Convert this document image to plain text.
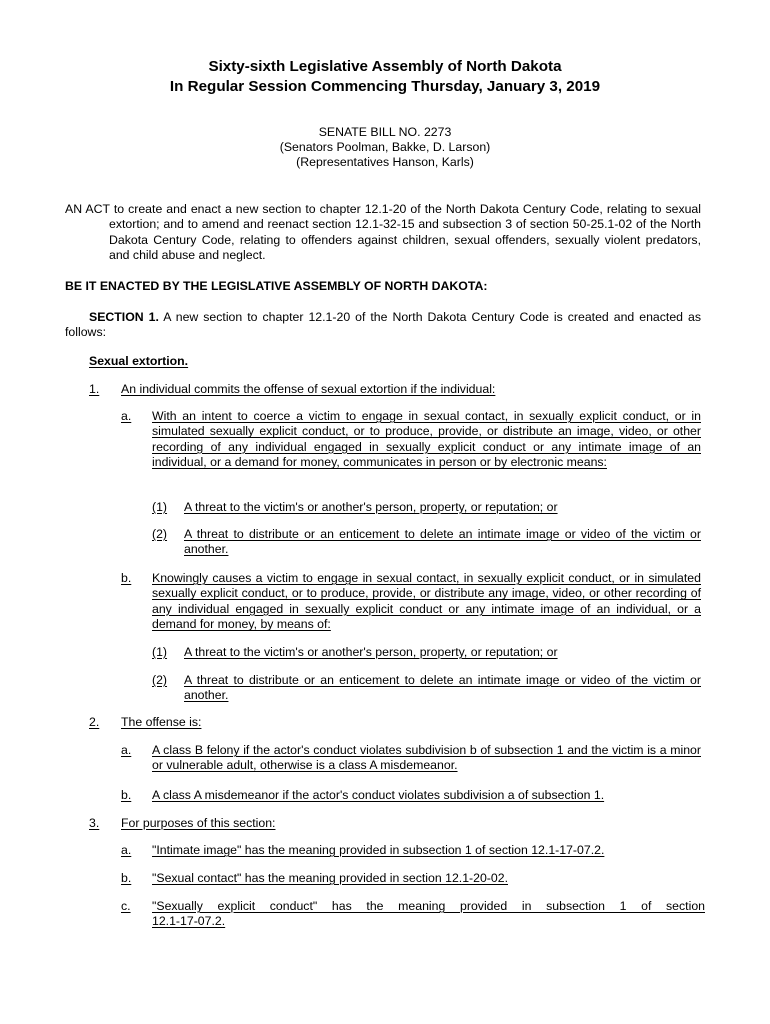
Sixty-sixth Legislative Assembly of North Dakota
In Regular Session Commencing Thursday, January 3, 2019
SENATE BILL NO. 2273
(Senators Poolman, Bakke, D. Larson)
(Representatives Hanson, Karls)
AN ACT to create and enact a new section to chapter 12.1-20 of the North Dakota Century Code, relating to sexual extortion; and to amend and reenact section 12.1-32-15 and subsection 3 of section 50-25.1-02 of the North Dakota Century Code, relating to offenders against children, sexual offenders, sexually violent predators, and child abuse and neglect.
BE IT ENACTED BY THE LEGISLATIVE ASSEMBLY OF NORTH DAKOTA:
SECTION 1. A new section to chapter 12.1-20 of the North Dakota Century Code is created and enacted as follows:
Sexual extortion.
1. An individual commits the offense of sexual extortion if the individual:
a. With an intent to coerce a victim to engage in sexual contact, in sexually explicit conduct, or in simulated sexually explicit conduct, or to produce, provide, or distribute an image, video, or other recording of any individual engaged in sexually explicit conduct or any intimate image of an individual, or a demand for money, communicates in person or by electronic means:
(1) A threat to the victim's or another's person, property, or reputation; or
(2) A threat to distribute or an enticement to delete an intimate image or video of the victim or another.
b. Knowingly causes a victim to engage in sexual contact, in sexually explicit conduct, or in simulated sexually explicit conduct, or to produce, provide, or distribute any image, video, or other recording of any individual engaged in sexually explicit conduct or any intimate image of an individual, or a demand for money, by means of:
(1) A threat to the victim's or another's person, property, or reputation; or
(2) A threat to distribute or an enticement to delete an intimate image or video of the victim or another.
2. The offense is:
a. A class B felony if the actor's conduct violates subdivision b of subsection 1 and the victim is a minor or vulnerable adult, otherwise is a class A misdemeanor.
b. A class A misdemeanor if the actor's conduct violates subdivision a of subsection 1.
3. For purposes of this section:
a. "Intimate image" has the meaning provided in subsection 1 of section 12.1-17-07.2.
b. "Sexual contact" has the meaning provided in section 12.1-20-02.
c. "Sexually explicit conduct" has the meaning provided in subsection 1 of section
12.1-17-07.2.
